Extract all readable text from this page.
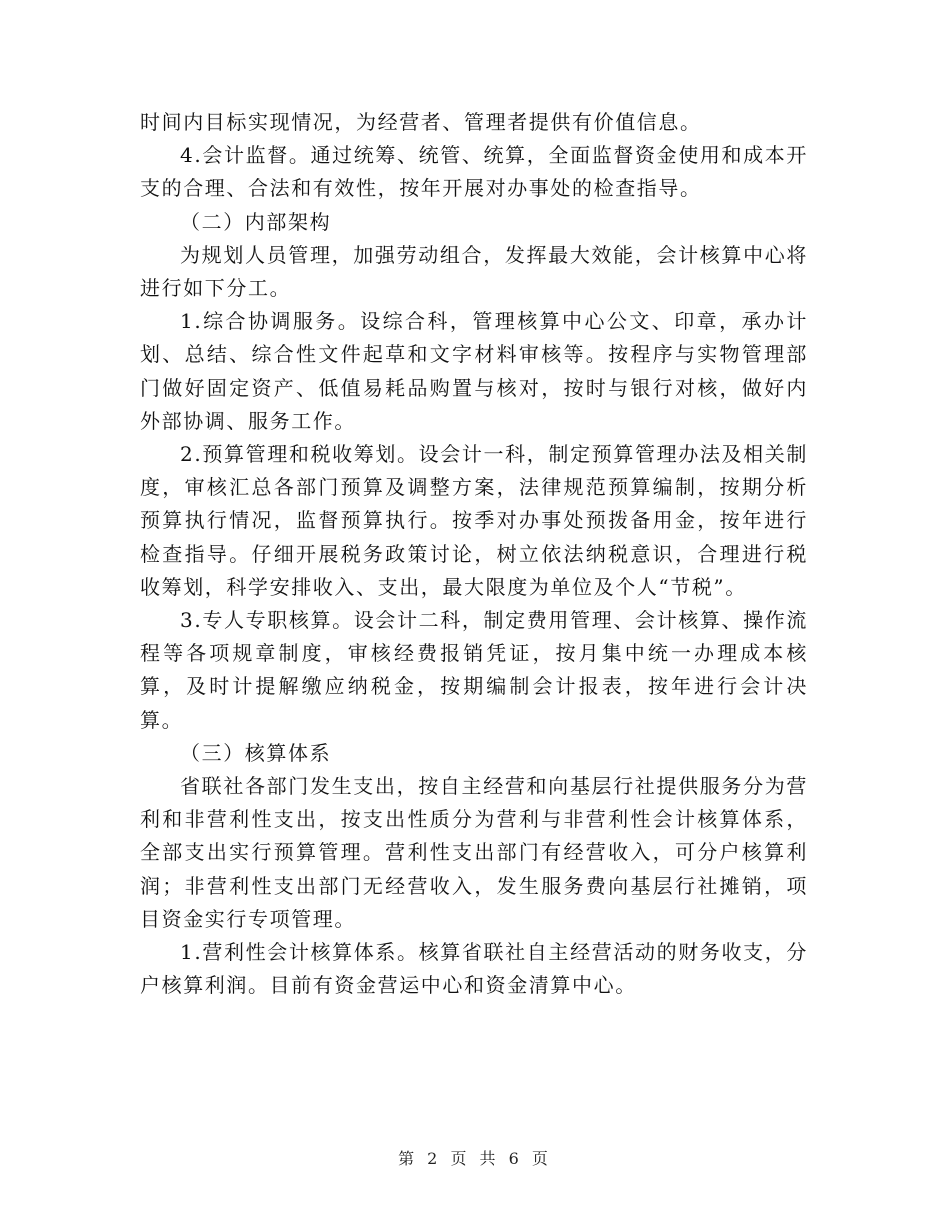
时间内目标实现情况，为经营者、管理者提供有价值信息。

4.会计监督。通过统筹、统管、统算，全面监督资金使用和成本开支的合理、合法和有效性，按年开展对办事处的检查指导。

（二）内部架构

为规划人员管理，加强劳动组合，发挥最大效能，会计核算中心将进行如下分工。

1.综合协调服务。设综合科，管理核算中心公文、印章，承办计划、总结、综合性文件起草和文字材料审核等。按程序与实物管理部门做好固定资产、低值易耗品购置与核对，按时与银行对核，做好内外部协调、服务工作。

2.预算管理和税收筹划。设会计一科，制定预算管理办法及相关制度，审核汇总各部门预算及调整方案，法律规范预算编制，按期分析预算执行情况，监督预算执行。按季对办事处预拨备用金，按年进行检查指导。仔细开展税务政策讨论，树立依法纳税意识，合理进行税收筹划，科学安排收入、支出，最大限度为单位及个人“节税”。

3.专人专职核算。设会计二科，制定费用管理、会计核算、操作流程等各项规章制度，审核经费报销凭证，按月集中统一办理成本核算，及时计提解缴应纳税金，按期编制会计报表，按年进行会计决算。

（三）核算体系

省联社各部门发生支出，按自主经营和向基层行社提供服务分为营利和非营利性支出，按支出性质分为营利与非营利性会计核算体系，全部支出实行预算管理。营利性支出部门有经营收入，可分户核算利润；非营利性支出部门无经营收入，发生服务费向基层行社摊销，项目资金实行专项管理。

1.营利性会计核算体系。核算省联社自主经营活动的财务收支，分户核算利润。目前有资金营运中心和资金清算中心。

第 2 页 共 6 页
